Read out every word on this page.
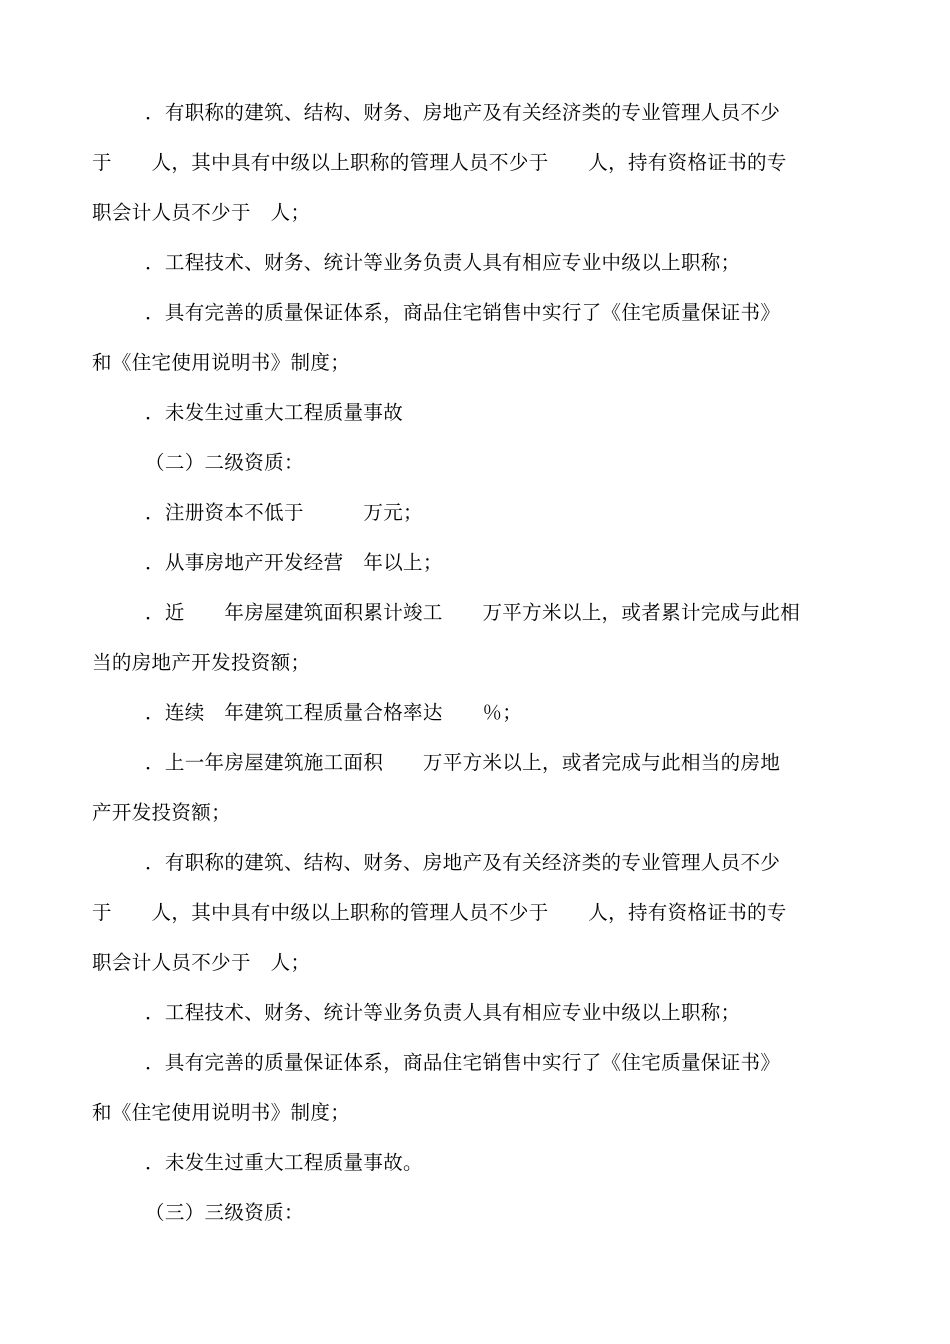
．有职称的建筑、结构、财务、房地产及有关经济类的专业管理人员不少
于　　人，其中具有中级以上职称的管理人员不少于　　人，持有资格证书的专
职会计人员不少于　人；
．工程技术、财务、统计等业务负责人具有相应专业中级以上职称；
．具有完善的质量保证体系，商品住宅销售中实行了《住宅质量保证书》
和《住宅使用说明书》制度；
．未发生过重大工程质量事故
（二）二级资质：
．注册资本不低于　　　万元；
．从事房地产开发经营　年以上；
．近　　年房屋建筑面积累计竣工　　万平方米以上，或者累计完成与此相
当的房地产开发投资额；
．连续　年建筑工程质量合格率达　　％；
．上一年房屋建筑施工面积　　万平方米以上，或者完成与此相当的房地
产开发投资额；
．有职称的建筑、结构、财务、房地产及有关经济类的专业管理人员不少
于　　人，其中具有中级以上职称的管理人员不少于　　人，持有资格证书的专
职会计人员不少于　人；
．工程技术、财务、统计等业务负责人具有相应专业中级以上职称；
．具有完善的质量保证体系，商品住宅销售中实行了《住宅质量保证书》
和《住宅使用说明书》制度；
．未发生过重大工程质量事故。
（三）三级资质：
